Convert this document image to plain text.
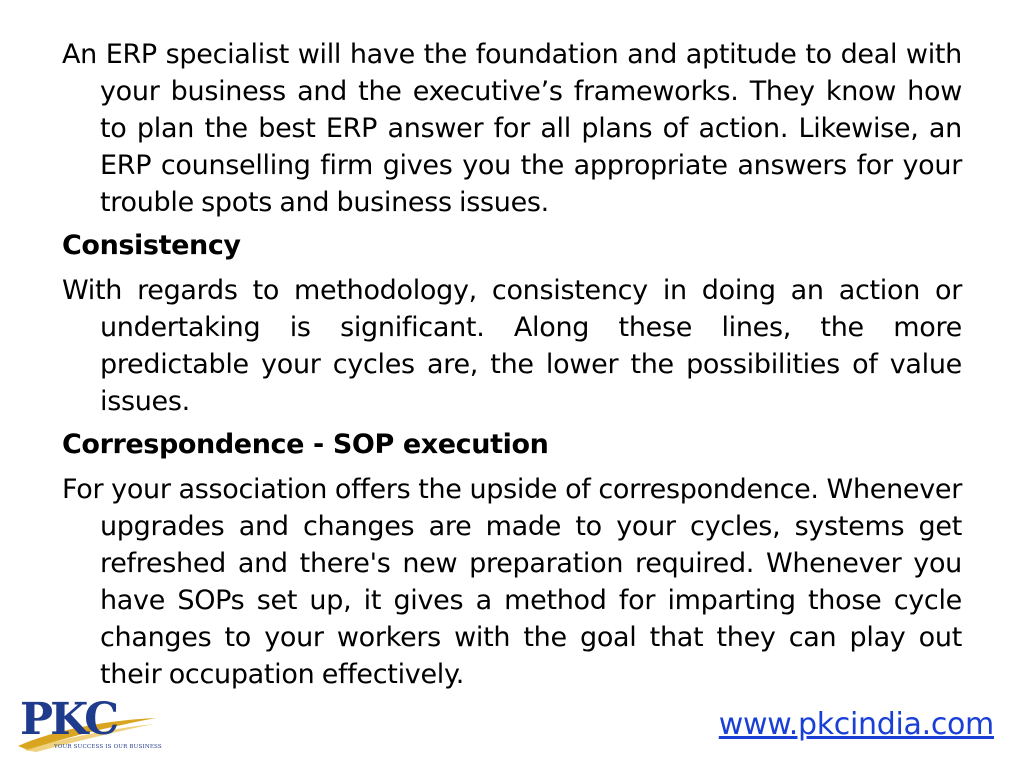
An ERP specialist will have the foundation and aptitude to deal with your business and the executive’s frameworks. They know how to plan the best ERP answer for all plans of action. Likewise, an ERP counselling firm gives you the appropriate answers for your trouble spots and business issues.

Consistency

With regards to methodology, consistency in doing an action or undertaking is significant. Along these lines, the more predictable your cycles are, the lower the possibilities of value issues.

Correspondence - SOP execution

For your association offers the upside of correspondence. Whenever upgrades and changes are made to your cycles, systems get refreshed and there's new preparation required. Whenever you have SOPs set up, it gives a method for imparting those cycle changes to your workers with the goal that they can play out their occupation effectively.

PKC
YOUR SUCCESS IS OUR BUSINESS
www.pkcindia.com
